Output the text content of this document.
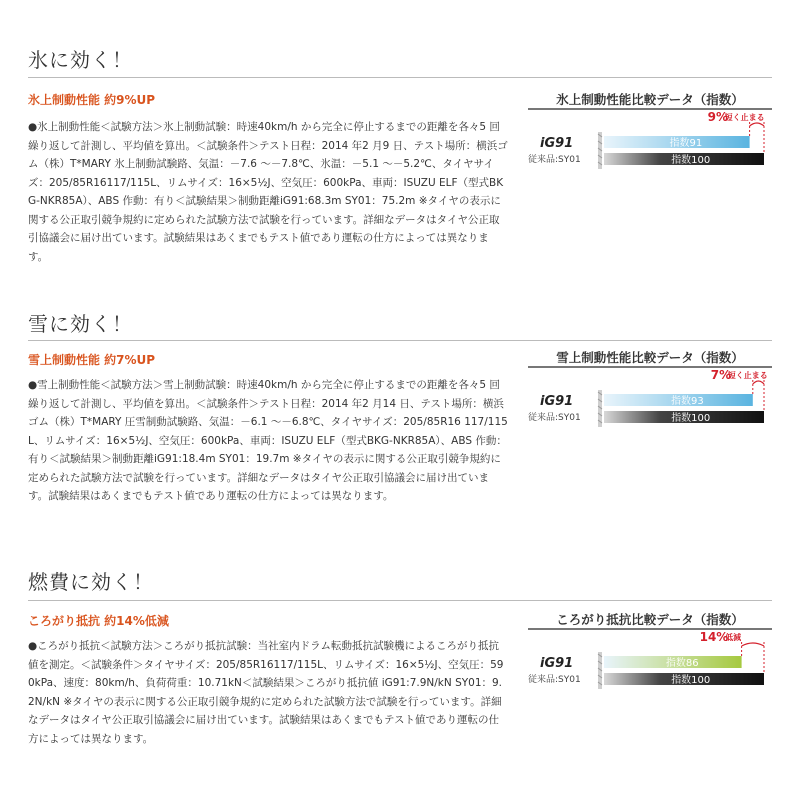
氷に効く！
氷上制動性能 約9%UP
●氷上制動性能＜試験方法＞氷上制動試験：時速40km/h から完全に停止するまでの距離を各々5 回繰り返して計測し、平均値を算出。＜試験条件＞テスト日程：2014 年2 月9 日、テスト場所：横浜ゴム（株）T*MARY 氷上制動試験路、気温：－7.6 ～－7.8℃、氷温：－5.1 ～－5.2℃、タイヤサイズ：205/85R16117/115L、リムサイズ：16×5½J、空気圧：600kPa、車両：ISUZU ELF（型式BKG-NKR85A）、ABS 作動：有り＜試験結果＞制動距離iG91:68.3m SY01：75.2m ※タイヤの表示に関する公正取引競争規約に定められた試験方法で試験を行っています。詳細なデータはタイヤ公正取引協議会に届け出ています。試験結果はあくまでもテスト値であり運転の仕方によっては異なります。
氷上制動性能比較データ（指数）
iG91
従来品:SY01
指数91
指数100
9%
短く止まる
雪に効く！
雪上制動性能 約7%UP
●雪上制動性能＜試験方法＞雪上制動試験：時速40km/h から完全に停止するまでの距離を各々5 回繰り返して計測し、平均値を算出。＜試験条件＞テスト日程：2014 年2 月14 日、テスト場所：横浜ゴム（株）T*MARY 圧雪制動試験路、気温：－6.1 ～－6.8℃、タイヤサイズ：205/85R16 117/115L、リムサイズ：16×5½J、空気圧：600kPa、車両：ISUZU ELF（型式BKG-NKR85A）、ABS 作動：有り＜試験結果＞制動距離iG91:18.4m SY01：19.7m ※タイヤの表示に関する公正取引競争規約に定められた試験方法で試験を行っています。詳細なデータはタイヤ公正取引協議会に届け出ています。試験結果はあくまでもテスト値であり運転の仕方によっては異なります。
雪上制動性能比較データ（指数）
iG91
従来品:SY01
指数93
指数100
7%
短く止まる
燃費に効く！
ころがり抵抗 約14%低減
●ころがり抵抗＜試験方法＞ころがり抵抗試験：当社室内ドラム転動抵抗試験機によるころがり抵抗値を測定。＜試験条件＞タイヤサイズ：205/85R16117/115L、リムサイズ：16×5½J、空気圧：590kPa、速度：80km/h、負荷荷重：10.71kN＜試験結果＞ころがり抵抗値 iG91:7.9N/kN SY01：9.2N/kN ※タイヤの表示に関する公正取引競争規約に定められた試験方法で試験を行っています。詳細なデータはタイヤ公正取引協議会に届け出ています。試験結果はあくまでもテスト値であり運転の仕方によっては異なります。
ころがり抵抗比較データ（指数）
iG91
従来品:SY01
指数86
指数100
14%
低減
